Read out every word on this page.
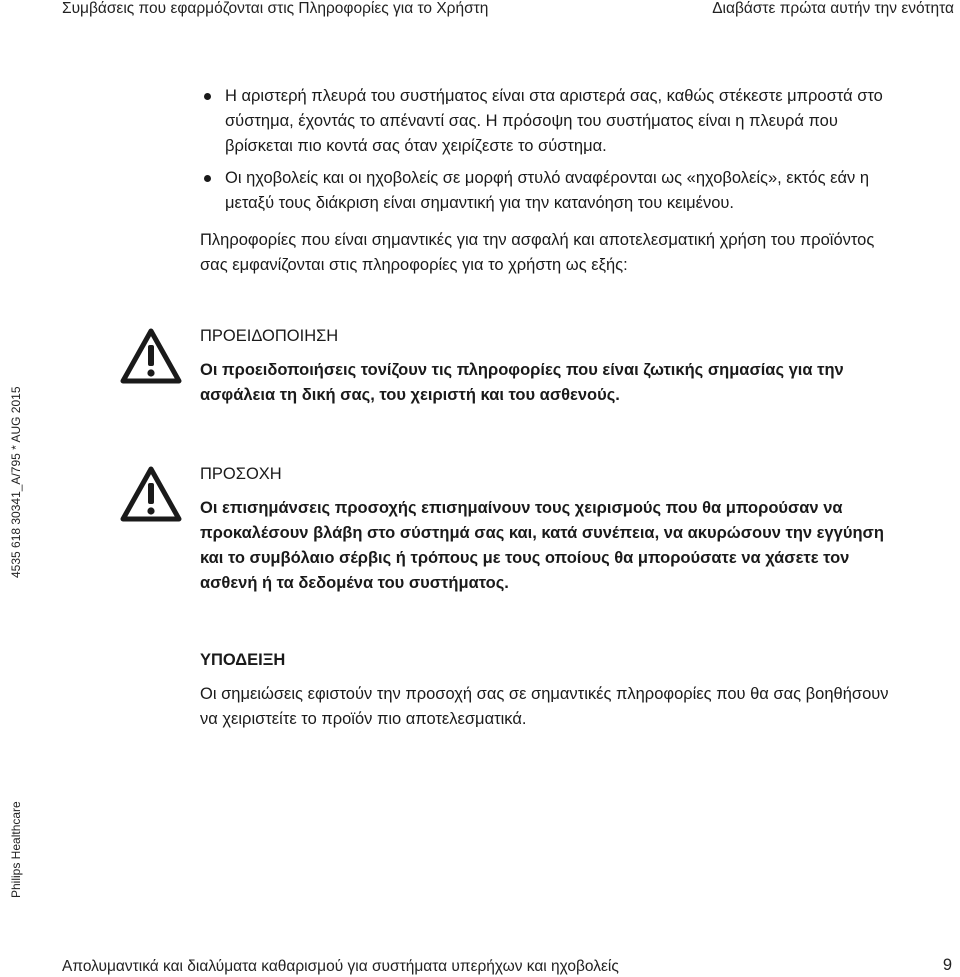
Συμβάσεις που εφαρμόζονται στις Πληροφορίες για το Χρήστη	Διαβάστε πρώτα αυτήν την ενότητα
Η αριστερή πλευρά του συστήματος είναι στα αριστερά σας, καθώς στέκεστε μπροστά στο σύστημα, έχοντάς το απέναντί σας. Η πρόσοψη του συστήματος είναι η πλευρά που βρίσκεται πιο κοντά σας όταν χειρίζεστε το σύστημα.
Οι ηχοβολείς και οι ηχοβολείς σε μορφή στυλό αναφέρονται ως «ηχοβολείς», εκτός εάν η μεταξύ τους διάκριση είναι σημαντική για την κατανόηση του κειμένου.

Πληροφορίες που είναι σημαντικές για την ασφαλή και αποτελεσματική χρήση του προϊόντος σας εμφανίζονται στις πληροφορίες για το χρήστη ως εξής:

ΠΡΟΕΙΔΟΠΟΙΗΣΗ

Οι προειδοποιήσεις τονίζουν τις πληροφορίες που είναι ζωτικής σημασίας για την ασφάλεια τη δική σας, του χειριστή και του ασθενούς.

ΠΡΟΣΟΧΗ

Οι επισημάνσεις προσοχής επισημαίνουν τους χειρισμούς που θα μπορούσαν να προκαλέσουν βλάβη στο σύστημά σας και, κατά συνέπεια, να ακυρώσουν την εγγύηση και το συμβόλαιο σέρβις ή τρόπους με τους οποίους θα μπορούσατε να χάσετε τον ασθενή ή τα δεδομένα του συστήματος.

ΥΠΟΔΕΙΞΗ

Οι σημειώσεις εφιστούν την προσοχή σας σε σημαντικές πληροφορίες που θα σας βοηθήσουν να χειριστείτε το προϊόν πιο αποτελεσματικά.

4535 618 30341_A/795 * AUG 2015
Philips Healthcare
Απολυμαντικά και διαλύματα καθαρισμού για συστήματα υπερήχων και ηχοβολείς	9
